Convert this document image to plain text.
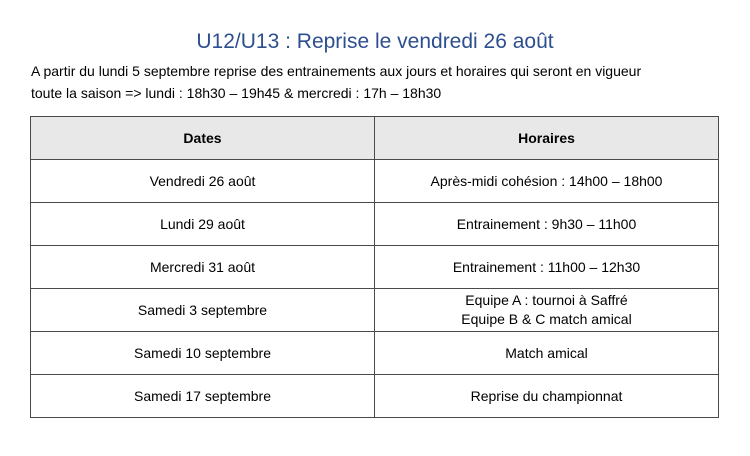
U12/U13 : Reprise le vendredi 26 août
A partir du lundi 5 septembre reprise des entrainements aux jours et horaires qui seront en vigueur
toute la saison => lundi : 18h30 – 19h45 & mercredi : 17h – 18h30
Dates	Horaires
Vendredi 26 août	Après-midi cohésion : 14h00 – 18h00

Lundi 29 août	Entrainement : 9h30 – 11h00

Mercredi 31 août	Entrainement : 11h00 – 12h30

Samedi 3 septembre	Equipe A : tournoi à Saffré
Equipe B & C match amical

Samedi 10 septembre	Match amical

Samedi 17 septembre	Reprise du championnat
